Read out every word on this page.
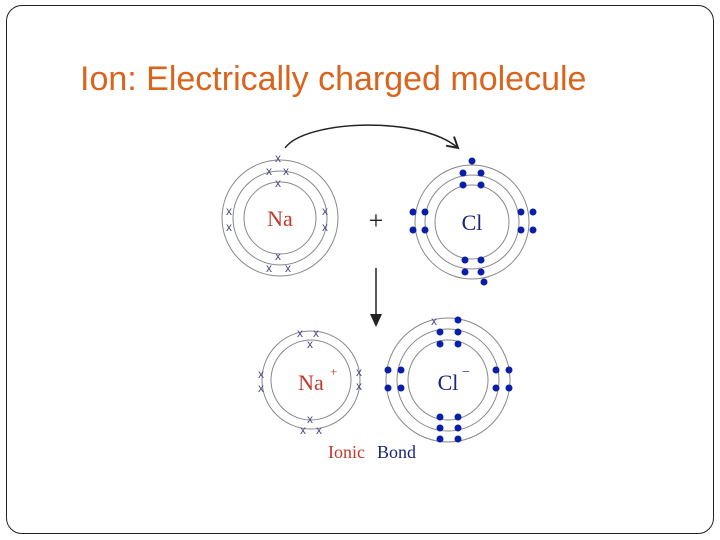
Ion: Electrically charged molecule
x
x x
x
x
x
x
x
x
x x
Na	+	Cl
x x
x
x
x
x
x
x
x x
Na +
x
Cl −
Ionic Bond
